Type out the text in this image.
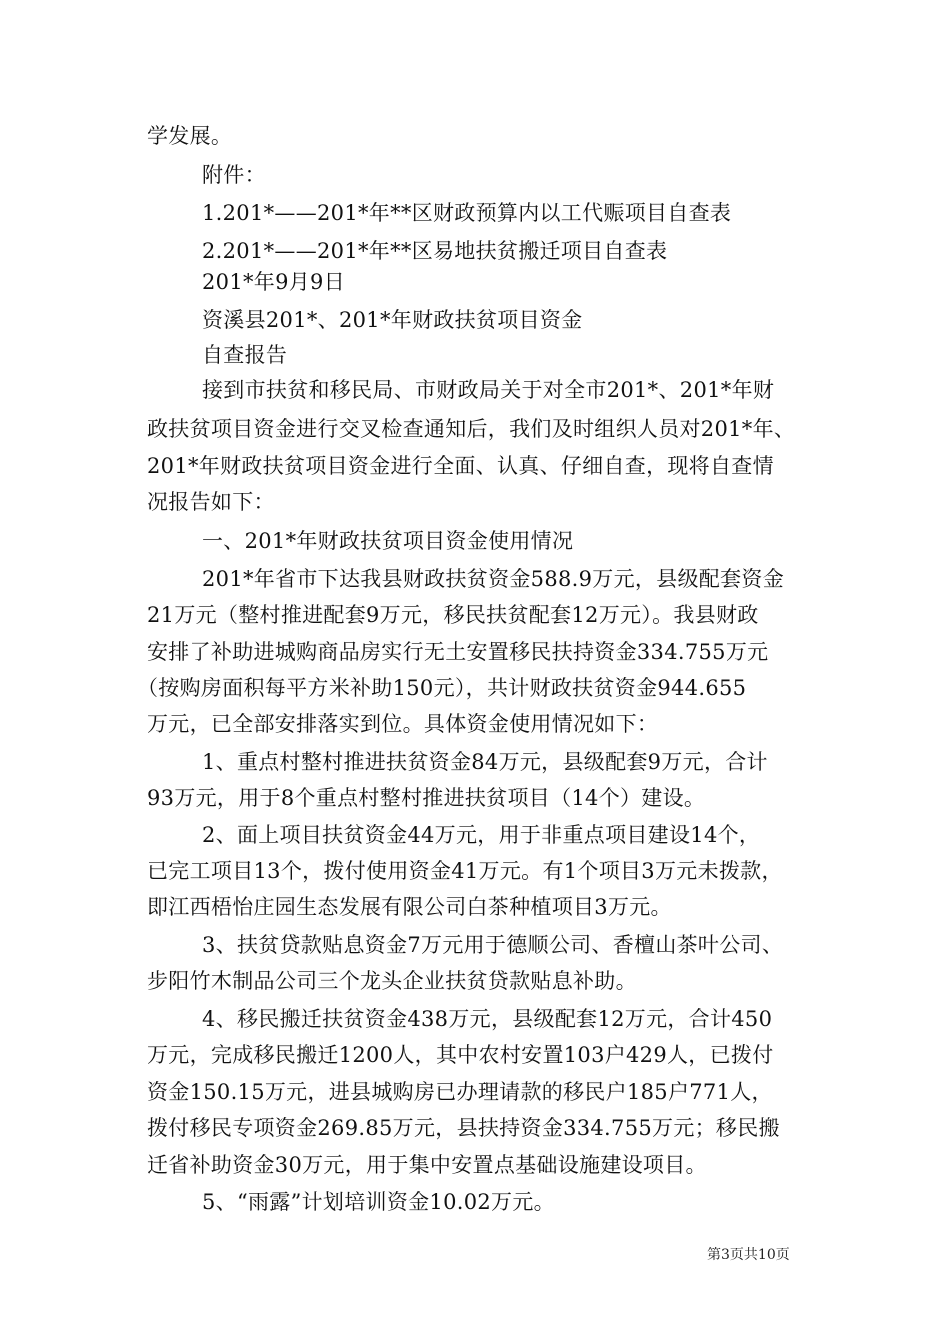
学发展。
附件：
1.201*——201*年**区财政预算内以工代赈项目自查表
2.201*——201*年**区易地扶贫搬迁项目自查表
201*年9月9日
资溪县201*、201*年财政扶贫项目资金
自查报告
接到市扶贫和移民局、市财政局关于对全市201*、201*年财
政扶贫项目资金进行交叉检查通知后，我们及时组织人员对201*年、
201*年财政扶贫项目资金进行全面、认真、仔细自查，现将自查情
况报告如下：
一、201*年财政扶贫项目资金使用情况
201*年省市下达我县财政扶贫资金588.9万元，县级配套资金
21万元（整村推进配套9万元，移民扶贫配套12万元）。我县财政
安排了补助进城购商品房实行无土安置移民扶持资金334.755万元
（按购房面积每平方米补助150元），共计财政扶贫资金944.655
万元，已全部安排落实到位。具体资金使用情况如下：
1、重点村整村推进扶贫资金84万元，县级配套9万元，合计
93万元，用于8个重点村整村推进扶贫项目（14个）建设。
2、面上项目扶贫资金44万元，用于非重点项目建设14个，
已完工项目13个，拨付使用资金41万元。有1个项目3万元未拨款，
即江西梧怡庄园生态发展有限公司白茶种植项目3万元。
3、扶贫贷款贴息资金7万元用于德顺公司、香檀山茶叶公司、
步阳竹木制品公司三个龙头企业扶贫贷款贴息补助。
4、移民搬迁扶贫资金438万元，县级配套12万元，合计450
万元，完成移民搬迁1200人，其中农村安置103户429人，已拨付
资金150.15万元，进县城购房已办理请款的移民户185户771人，
拨付移民专项资金269.85万元，县扶持资金334.755万元；移民搬
迁省补助资金30万元，用于集中安置点基础设施建设项目。
5、“雨露”计划培训资金10.02万元。
第3页共10页
